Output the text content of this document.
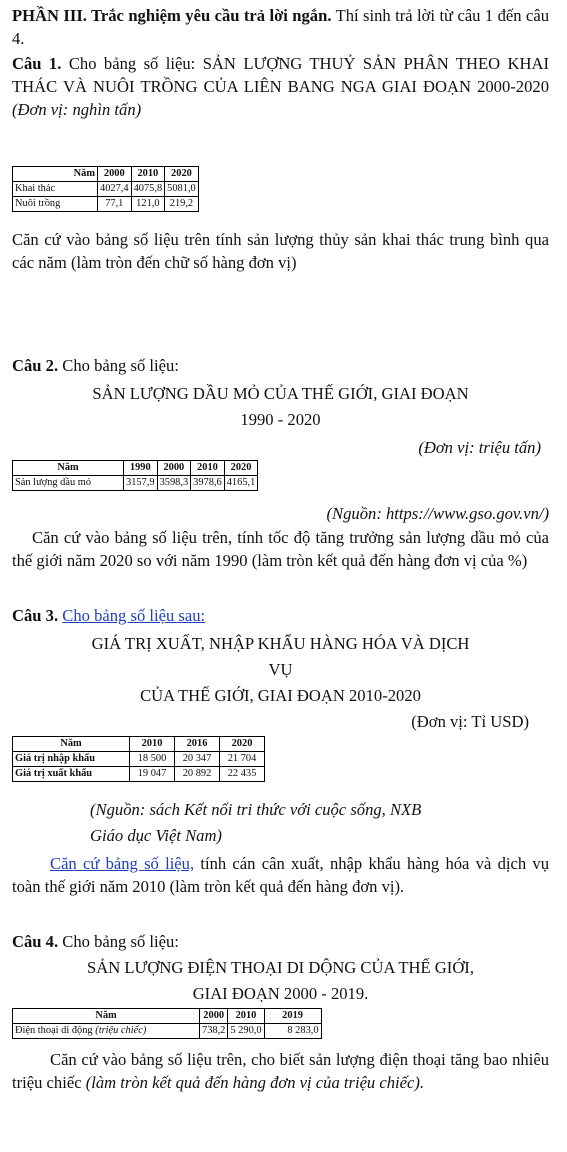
PHẦN III. Trắc nghiệm yêu cầu trả lời ngắn. Thí sinh trả lời từ câu 1 đến câu 4.
Câu 1. Cho bảng số liệu: SẢN LƯỢNG THUỶ SẢN PHÂN THEO KHAI THÁC VÀ NUÔI TRỒNG CỦA LIÊN BANG NGA GIAI ĐOẠN 2000-2020 (Đơn vị: nghìn tấn)
Năm	2000	2010	2020
Khai thác	4027,4	4075,8	5081,0
Nuôi trồng	77,1	121,0	219,2
Căn cứ vào bảng số liệu trên tính sản lượng thủy sản khai thác trung bình qua các năm (làm tròn đến chữ số hàng đơn vị)
Câu 2. Cho bảng số liệu:
SẢN LƯỢNG DẦU MỎ CỦA THẾ GIỚI, GIAI ĐOẠN
1990 - 2020
(Đơn vị: triệu tấn)
Năm	1990	2000	2010	2020
Sản lượng dầu mỏ	3157,9	3598,3	3978,6	4165,1
(Nguồn: https://www.gso.gov.vn/)
Căn cứ vào bảng số liệu trên, tính tốc độ tăng trưởng sản lượng dầu mỏ của thế giới năm 2020 so với năm 1990 (làm tròn kết quả đến hàng đơn vị của %)
Câu 3. Cho bảng số liệu sau:
GIÁ TRỊ XUẤT, NHẬP KHẨU HÀNG HÓA VÀ DỊCH
VỤ
CỦA THẾ GIỚI, GIAI ĐOẠN 2010-2020
(Đơn vị: Tỉ USD)
Năm	2010	2016	2020
Giá trị nhập khẩu	18 500	20 347	21 704
Giá trị xuất khẩu	19 047	20 892	22 435
(Nguồn: sách Kết nối tri thức với cuộc sống, NXB
Giáo dục Việt Nam)
Căn cứ bảng số liệu, tính cán cân xuất, nhập khẩu hàng hóa và dịch vụ toàn thế giới năm 2010 (làm tròn kết quả đến hàng đơn vị).
Câu 4. Cho bảng số liệu:
SẢN LƯỢNG ĐIỆN THOẠI DI DỘNG CỦA THẾ GIỚI,
GIAI ĐOẠN 2000 - 2019.
Năm	2000	2010	2019
Điện thoại di động (triệu chiếc)	738,2	5 290,0	8 283,0
Căn cứ vào bảng số liệu trên, cho biết sản lượng điện thoại tăng bao nhiêu triệu chiếc (làm tròn kết quả đến hàng đơn vị của triệu chiếc).
